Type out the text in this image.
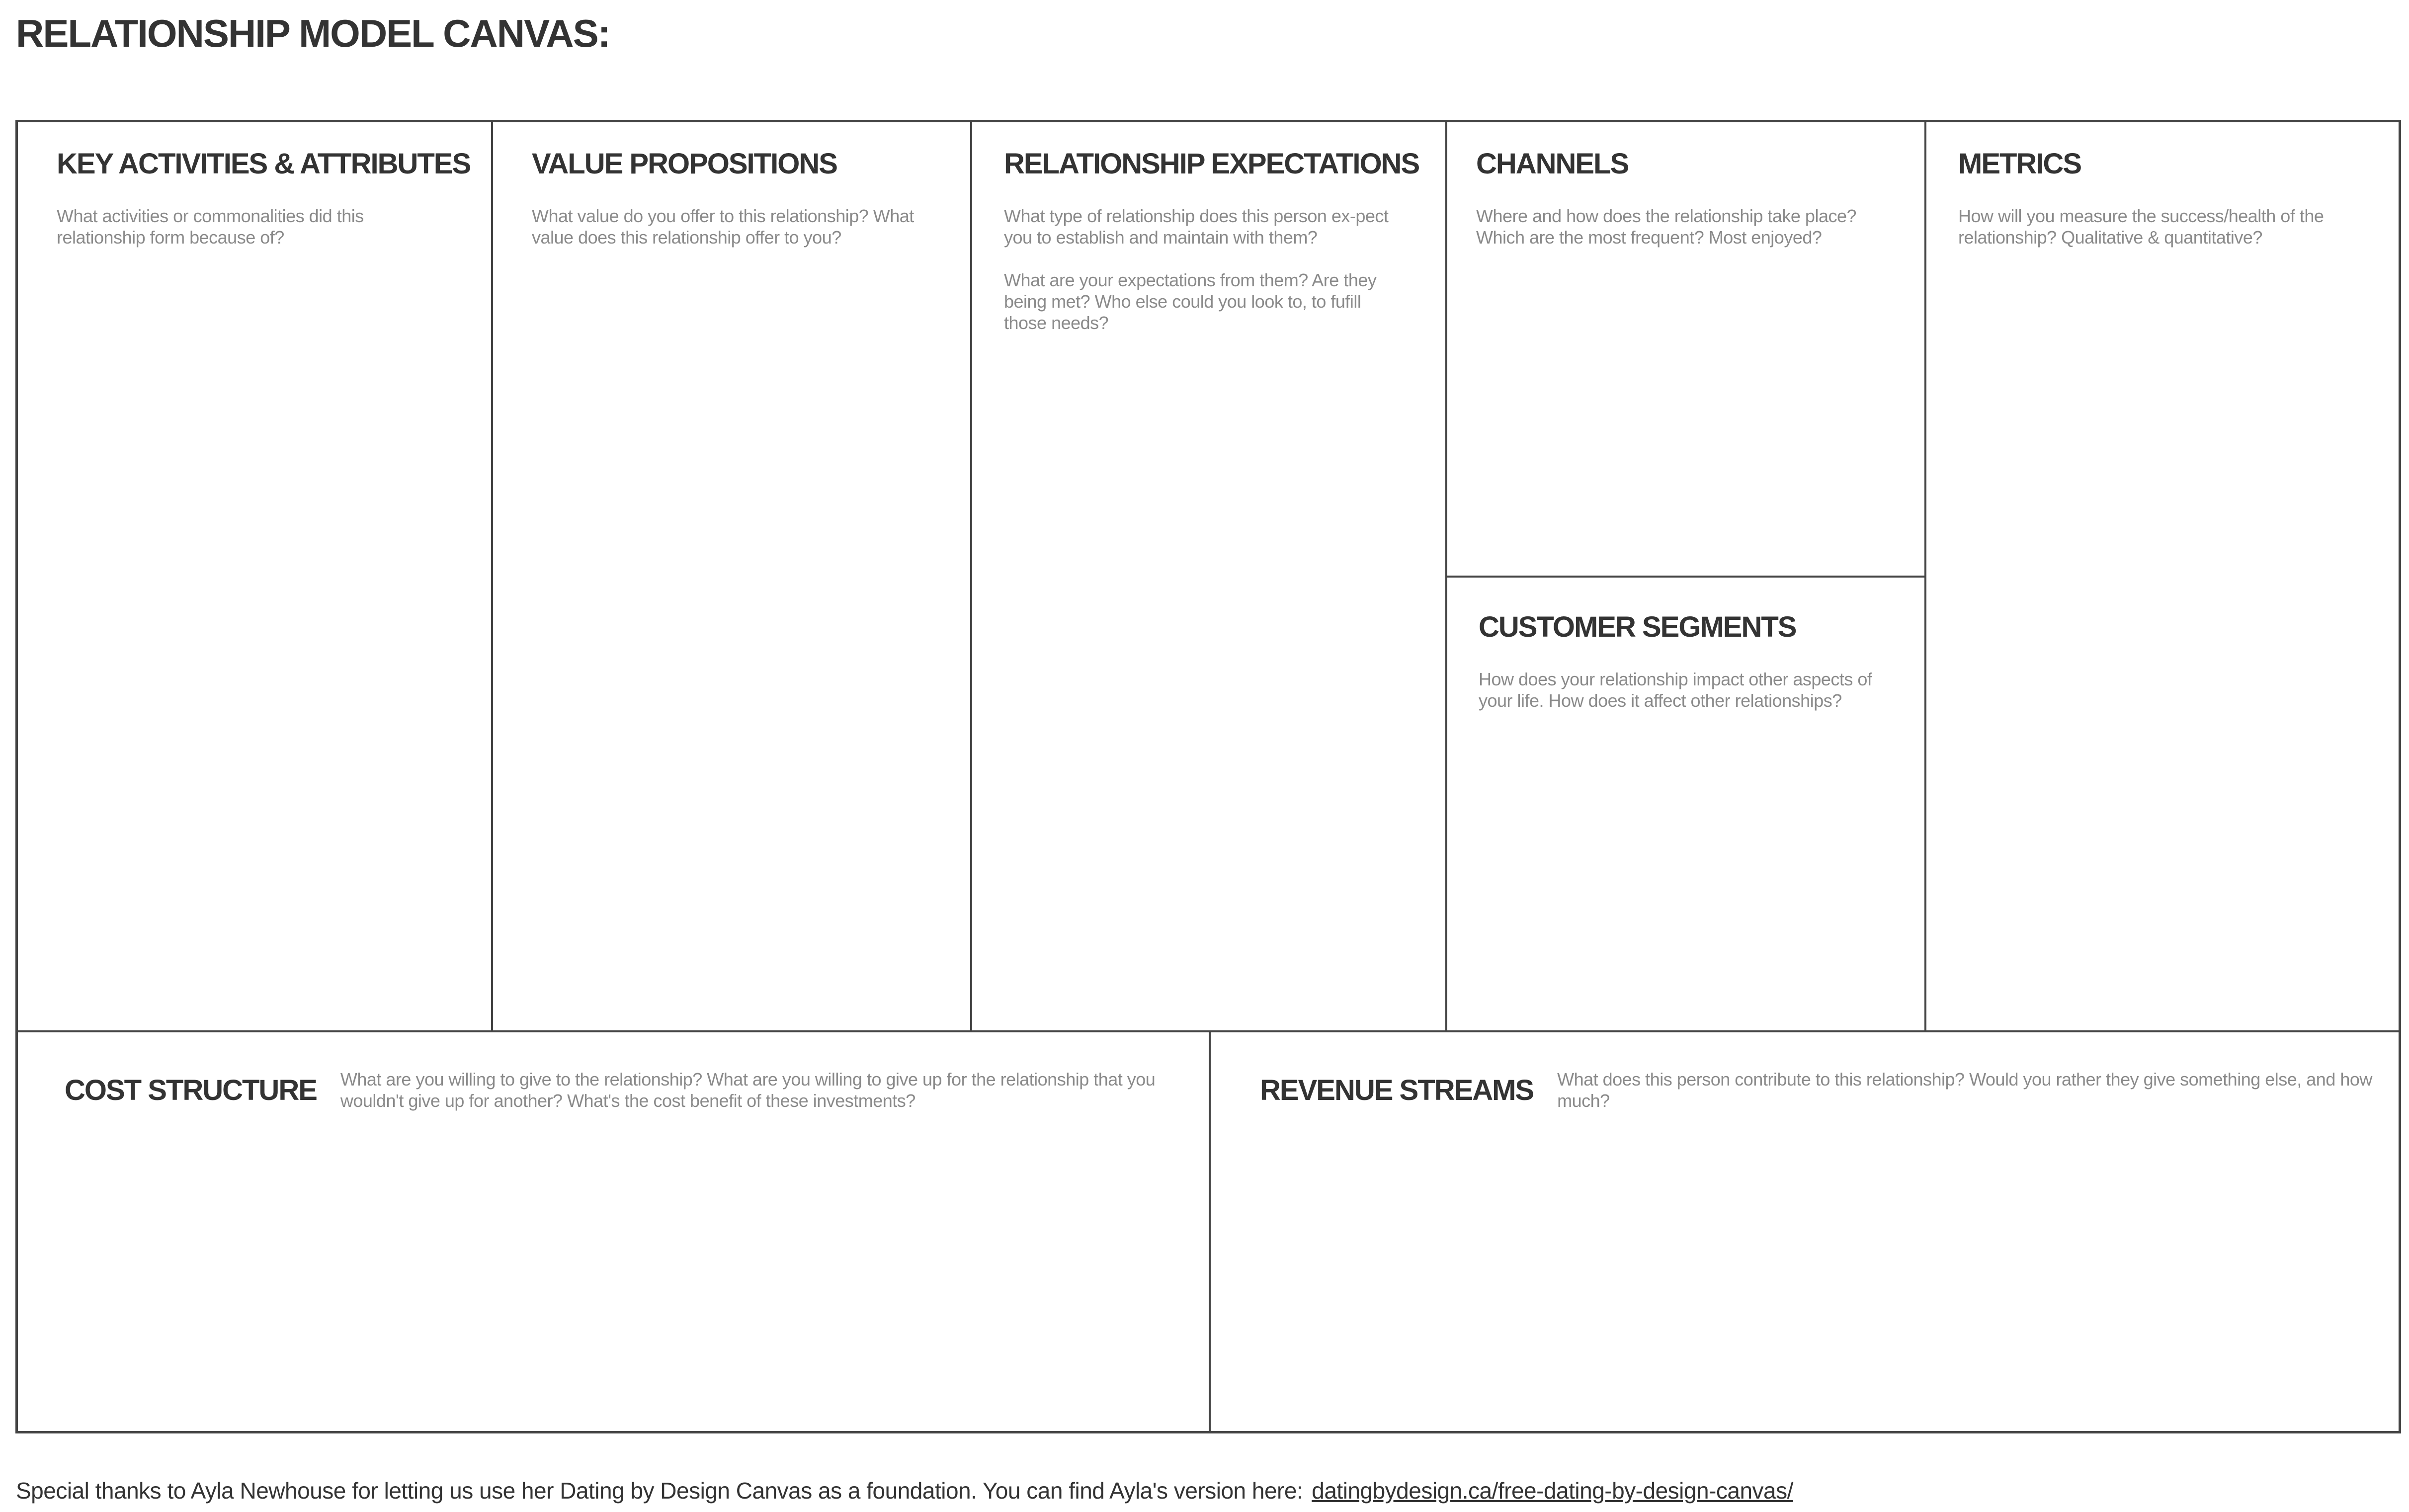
RELATIONSHIP MODEL CANVAS:
KEY ACTIVITIES & ATTRIBUTES

What activities or commonalities did this relationship form because of?

VALUE PROPOSITIONS

What value do you offer to this relationship? What value does this relationship offer to you?

RELATIONSHIP EXPECTATIONS

What type of relationship does this person ex-pect you to establish and maintain with them?

What are your expectations from them? Are they being met? Who else could you look to, to fufill those needs?

CHANNELS

Where and how does the relationship take place? Which are the most frequent? Most enjoyed?

METRICS

How will you measure the success/health of the relationship? Qualitative & quantitative?

CUSTOMER SEGMENTS

How does your relationship impact other aspects of your life. How does it affect other relationships?

COST STRUCTURE What are you willing to give to the relationship? What are you willing to give up for the relationship that you wouldn't give up for another? What's the cost benefit of these investments?	REVENUE STREAMS What does this person contribute to this relationship? Would you rather they give something else, and how much?

Special thanks to Ayla Newhouse for letting us use her Dating by Design Canvas as a foundation. You can find Ayla's version here: datingbydesign.ca/free-dating-by-design-canvas/
